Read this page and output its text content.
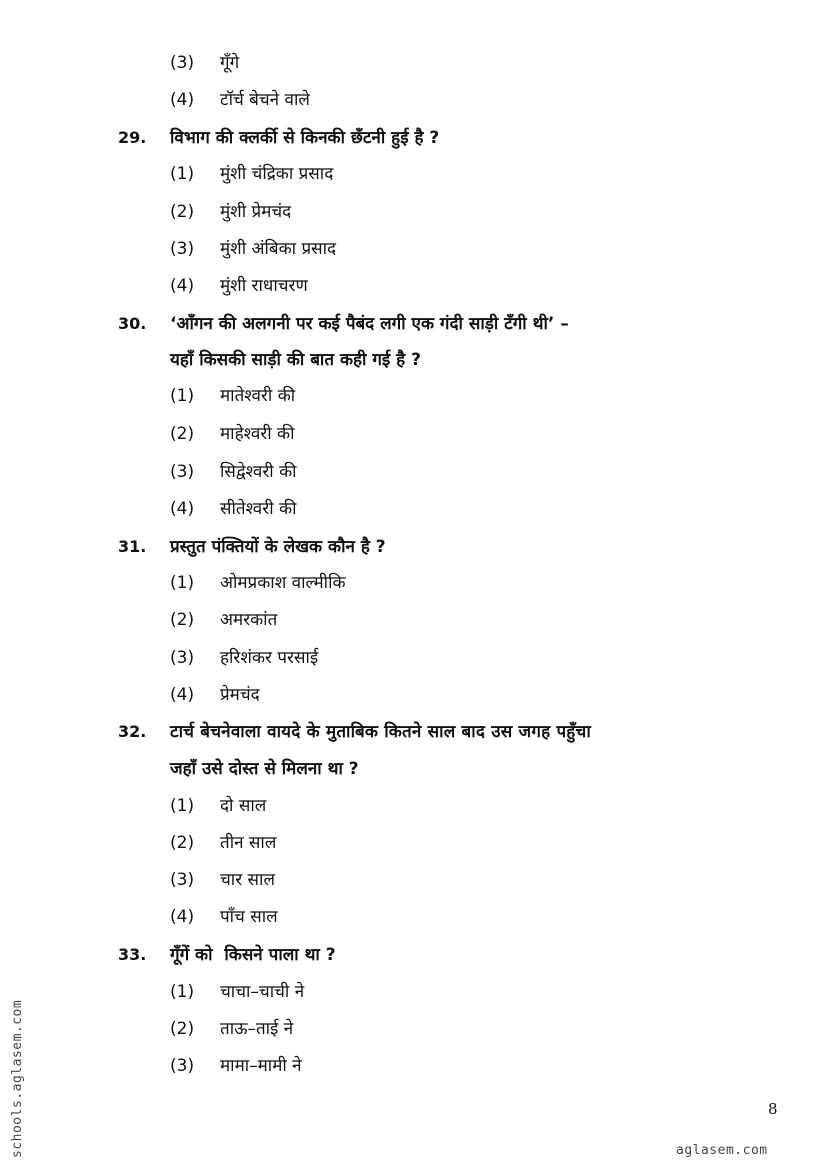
(3) गूँगे
(4) टॉर्च बेचने वाले
29. विभाग की क्लर्की से किनकी छँटनी हुई है ?
(1) मुंशी चंद्रिका प्रसाद
(2) मुंशी प्रेमचंद
(3) मुंशी अंबिका प्रसाद
(4) मुंशी राधाचरण
30. ‘आँगन की अलगनी पर कई पैबंद लगी एक गंदी साड़ी टँगी थी’ –
यहाँ किसकी साड़ी की बात कही गई है ?
(1) मातेश्वरी की
(2) माहेश्वरी की
(3) सिद्वेश्वरी की
(4) सीतेश्वरी की
31. प्रस्तुत पंक्तियों के लेखक कौन है ?
(1) ओमप्रकाश वाल्मीकि
(2) अमरकांत
(3) हरिशंकर परसाई
(4) प्रेमचंद
32. टार्च बेचनेवाला वायदे के मुताबिक कितने साल बाद उस जगह पहुँचा
जहाँ उसे दोस्त से मिलना था ?
(1) दो साल
(2) तीन साल
(3) चार साल
(4) पाँच साल
33. गूँगें को  किसने पाला था ?
(1) चाचा–चाची ने
(2) ताऊ–ताई ने
(3) मामा–मामी ने
8
schools.aglasem.com	aglasem.com
